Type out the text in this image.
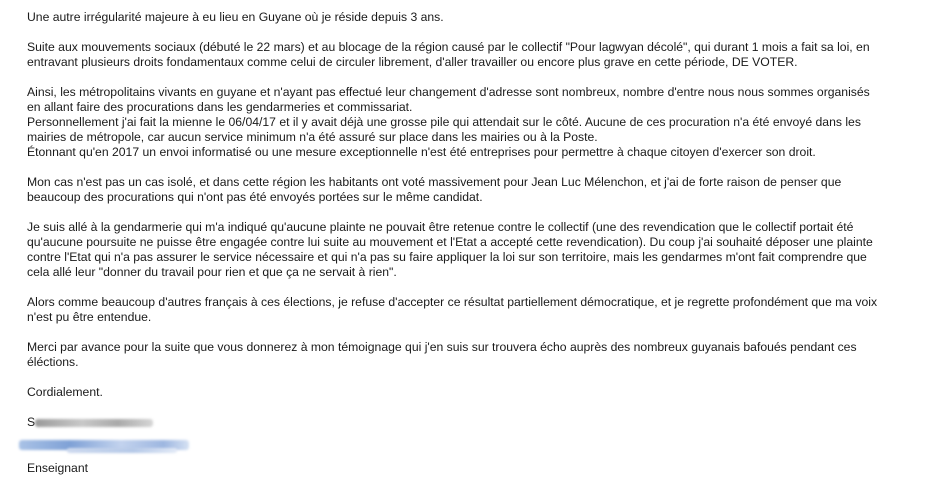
Une autre irrégularité majeure à eu lieu en Guyane où je réside depuis 3 ans.

Suite aux mouvements sociaux (débuté le 22 mars) et au blocage de la région causé par le collectif "Pour lagwyan décolé", qui durant 1 mois a fait sa loi, en
entravant plusieurs droits fondamentaux comme celui de circuler librement, d'aller travailler ou encore plus grave en cette période, DE VOTER.

Ainsi, les métropolitains vivants en guyane et n'ayant pas effectué leur changement d'adresse sont nombreux, nombre d'entre nous nous sommes organisés
en allant faire des procurations dans les gendarmeries et commissariat.
Personnellement j'ai fait la mienne le 06/04/17 et il y avait déjà une grosse pile qui attendait sur le côté. Aucune de ces procuration n'a été envoyé dans les
mairies de métropole, car aucun service minimum n'a été assuré sur place dans les mairies ou à la Poste.
Étonnant qu'en 2017 un envoi informatisé ou une mesure exceptionnelle n'est été entreprises pour permettre à chaque citoyen d'exercer son droit.

Mon cas n'est pas un cas isolé, et dans cette région les habitants ont voté massivement pour Jean Luc Mélenchon, et j'ai de forte raison de penser que
beaucoup des procurations qui n'ont pas été envoyés portées sur le même candidat.

Je suis allé à la gendarmerie qui m'a indiqué qu'aucune plainte ne pouvait être retenue contre le collectif (une des revendication que le collectif portait été
qu'aucune poursuite ne puisse être engagée contre lui suite au mouvement et l'Etat a accepté cette revendication). Du coup j'ai souhaité déposer une plainte
contre l'Etat qui n'a pas assurer le service nécessaire et qui n'a pas su faire appliquer la loi sur son territoire, mais les gendarmes m'ont fait comprendre que
cela allé leur "donner du travail pour rien et que ça ne servait à rien".

Alors comme beaucoup d'autres français à ces élections, je refuse d'accepter ce résultat partiellement démocratique, et je regrette profondément que ma voix
n'est pu être entendue.

Merci par avance pour la suite que vous donnerez à mon témoignage qui j'en suis sur trouvera écho auprès des nombreux guyanais bafoués pendant ces
éléctions.

Cordialement.

S
Enseignant
